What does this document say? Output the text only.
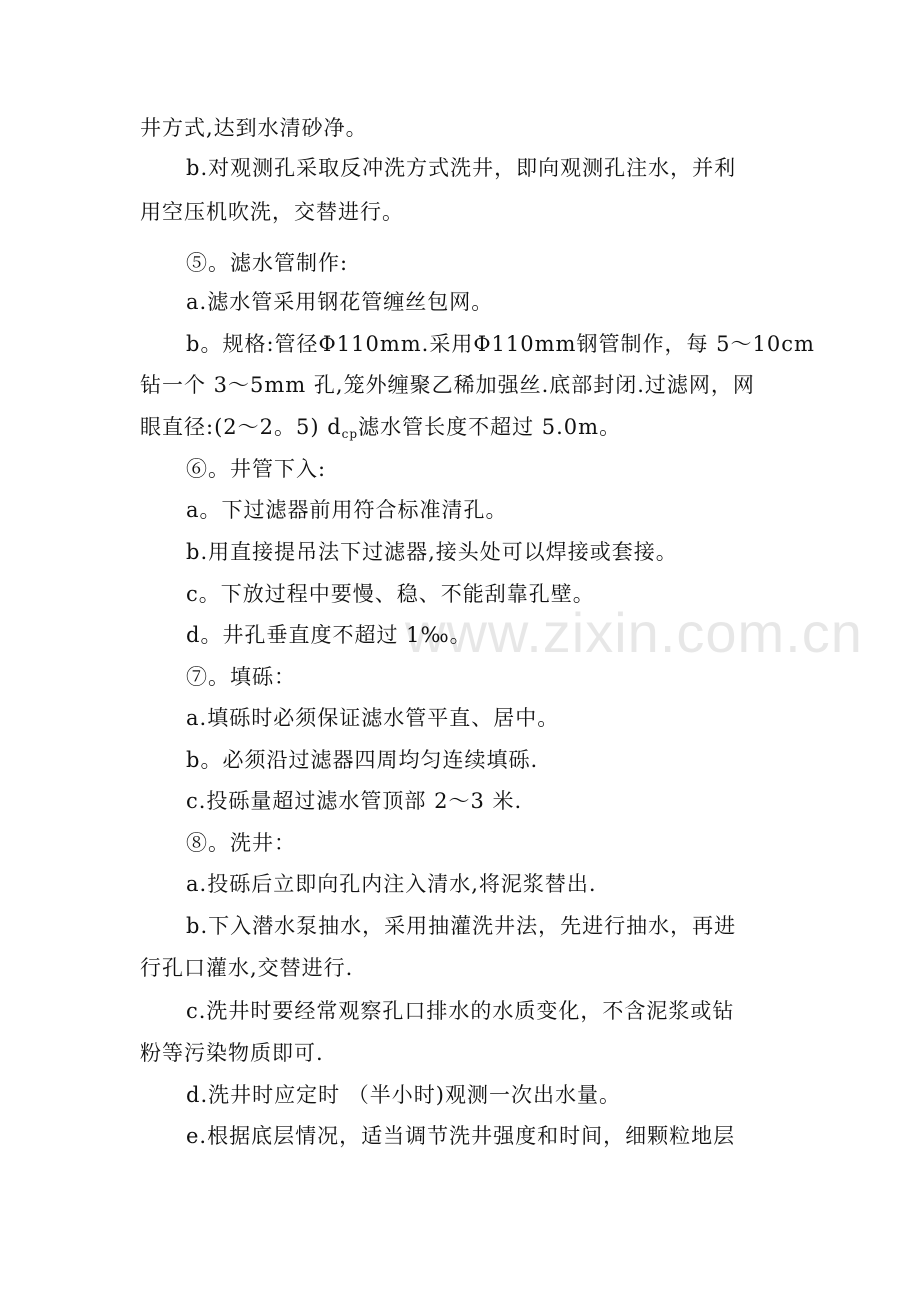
井方式,达到水清砂净。
b.对观测孔采取反冲洗方式洗井，即向观测孔注水，并利
用空压机吹洗，交替进行。
⑤。滤水管制作:
a.滤水管采用钢花管缠丝包网。
b。规格:管径Φ110mm.采用Φ110mm钢管制作，每 5～10cm
钻一个 3～5mm 孔,笼外缠聚乙稀加强丝.底部封闭.过滤网，网
眼直径:(2～2。5) $d_{cp}$滤水管长度不超过 5.0m。
⑥。井管下入:
a。下过滤器前用符合标准清孔。
b.用直接提吊法下过滤器,接头处可以焊接或套接。
c。下放过程中要慢、稳、不能刮靠孔壁。
d。井孔垂直度不超过 1‰。
⑦。填砾：
a.填砾时必须保证滤水管平直、居中。
b。必须沿过滤器四周均匀连续填砾.
c.投砾量超过滤水管顶部 2～3 米.
⑧。洗井：
a.投砾后立即向孔内注入清水,将泥浆替出.
b.下入潜水泵抽水，采用抽灌洗井法，先进行抽水，再进
行孔口灌水,交替进行.
c.洗井时要经常观察孔口排水的水质变化，不含泥浆或钻
粉等污染物质即可.
d.洗井时应定时 （半小时)观测一次出水量。
e.根据底层情况，适当调节洗井强度和时间，细颗粒地层
www.zixin.com.cn
